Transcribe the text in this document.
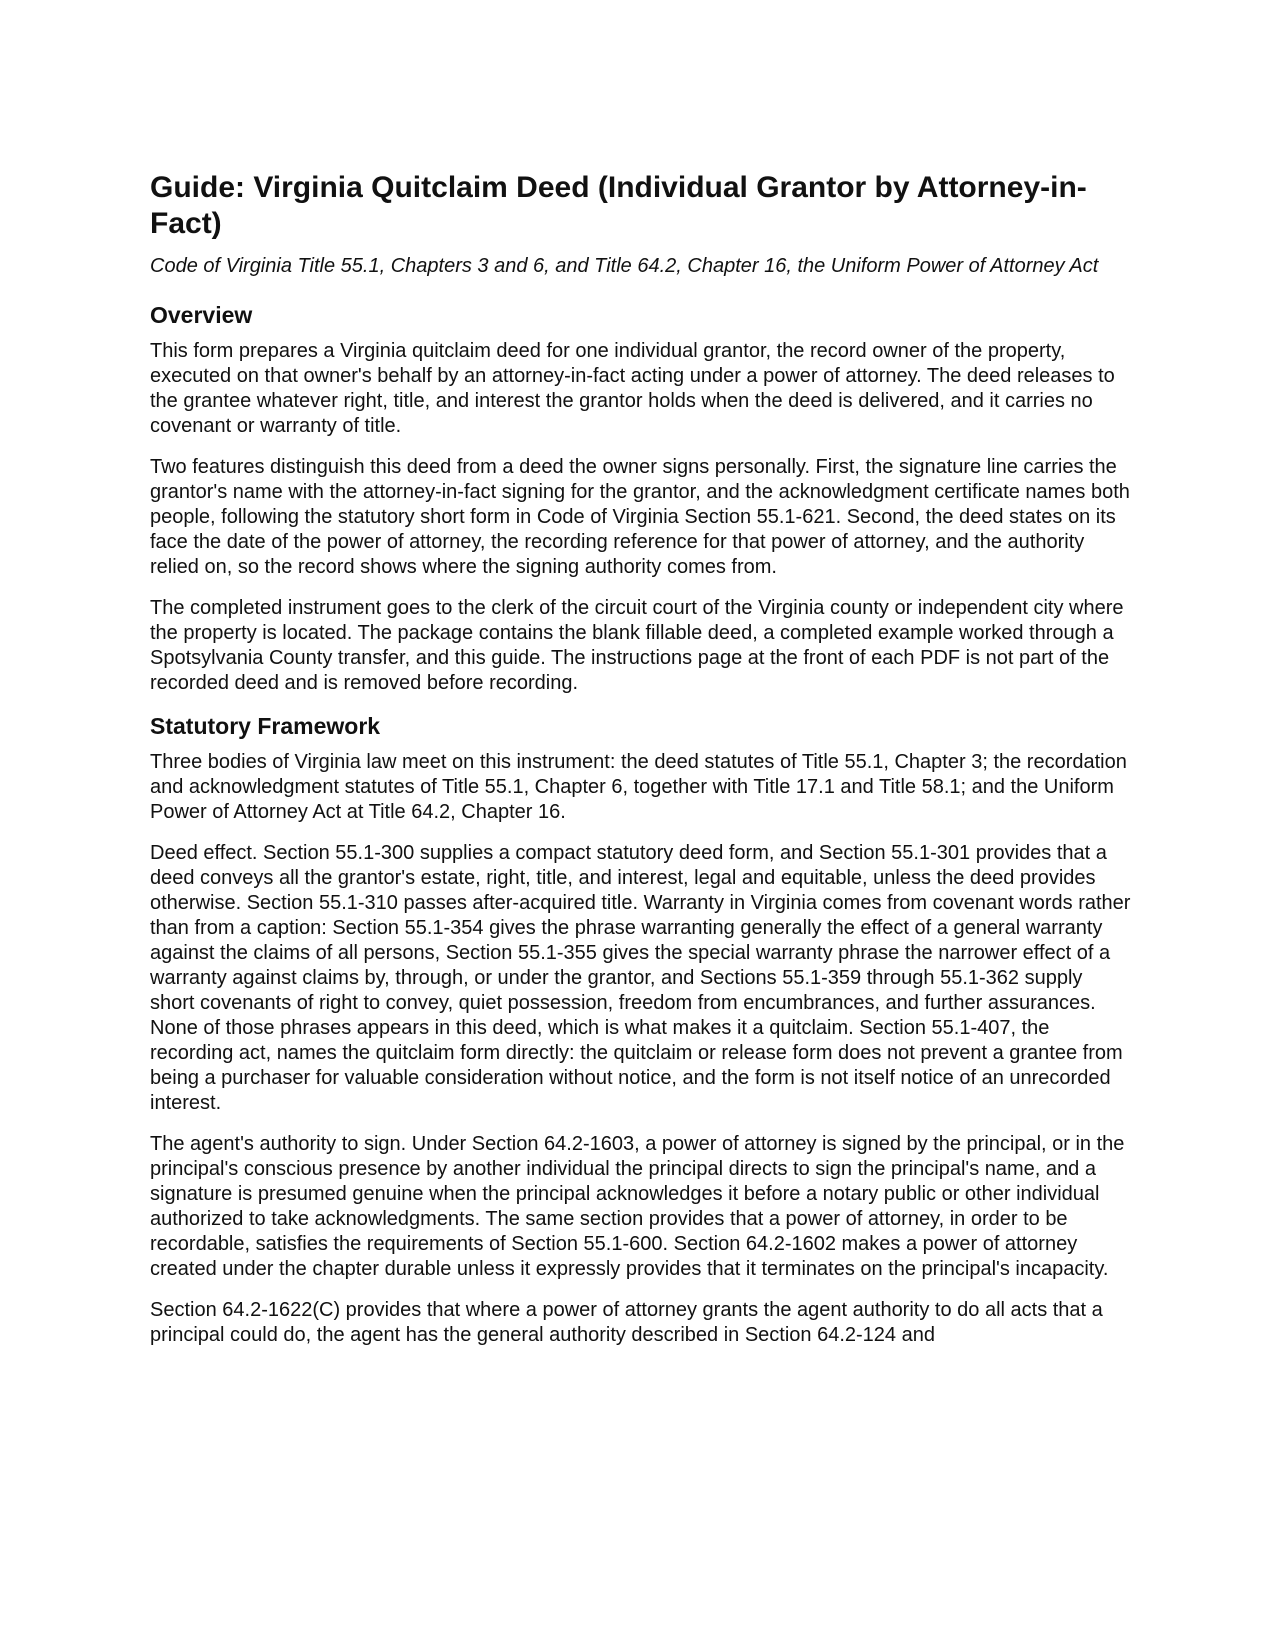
Guide: Virginia Quitclaim Deed (Individual Grantor by Attorney-in-Fact)
Code of Virginia Title 55.1, Chapters 3 and 6, and Title 64.2, Chapter 16, the Uniform Power of Attorney Act
Overview

This form prepares a Virginia quitclaim deed for one individual grantor, the record owner of the property, executed on that owner's behalf by an attorney-in-fact acting under a power of attorney. The deed releases to the grantee whatever right, title, and interest the grantor holds when the deed is delivered, and it carries no covenant or warranty of title.

Two features distinguish this deed from a deed the owner signs personally. First, the signature line carries the grantor's name with the attorney-in-fact signing for the grantor, and the acknowledgment certificate names both people, following the statutory short form in Code of Virginia Section 55.1-621. Second, the deed states on its face the date of the power of attorney, the recording reference for that power of attorney, and the authority relied on, so the record shows where the signing authority comes from.

The completed instrument goes to the clerk of the circuit court of the Virginia county or independent city where the property is located. The package contains the blank fillable deed, a completed example worked through a Spotsylvania County transfer, and this guide. The instructions page at the front of each PDF is not part of the recorded deed and is removed before recording.

Statutory Framework

Three bodies of Virginia law meet on this instrument: the deed statutes of Title 55.1, Chapter 3; the recordation and acknowledgment statutes of Title 55.1, Chapter 6, together with Title 17.1 and Title 58.1; and the Uniform Power of Attorney Act at Title 64.2, Chapter 16.

Deed effect. Section 55.1-300 supplies a compact statutory deed form, and Section 55.1-301 provides that a deed conveys all the grantor's estate, right, title, and interest, legal and equitable, unless the deed provides otherwise. Section 55.1-310 passes after-acquired title. Warranty in Virginia comes from covenant words rather than from a caption: Section 55.1-354 gives the phrase warranting generally the effect of a general warranty against the claims of all persons, Section 55.1-355 gives the special warranty phrase the narrower effect of a warranty against claims by, through, or under the grantor, and Sections 55.1-359 through 55.1-362 supply short covenants of right to convey, quiet possession, freedom from encumbrances, and further assurances. None of those phrases appears in this deed, which is what makes it a quitclaim. Section 55.1-407, the recording act, names the quitclaim form directly: the quitclaim or release form does not prevent a grantee from being a purchaser for valuable consideration without notice, and the form is not itself notice of an unrecorded interest.

The agent's authority to sign. Under Section 64.2-1603, a power of attorney is signed by the principal, or in the principal's conscious presence by another individual the principal directs to sign the principal's name, and a signature is presumed genuine when the principal acknowledges it before a notary public or other individual authorized to take acknowledgments. The same section provides that a power of attorney, in order to be recordable, satisfies the requirements of Section 55.1-600. Section 64.2-1602 makes a power of attorney created under the chapter durable unless it expressly provides that it terminates on the principal's incapacity.

Section 64.2-1622(C) provides that where a power of attorney grants the agent authority to do all acts that a principal could do, the agent has the general authority described in Section 64.2-124 and
